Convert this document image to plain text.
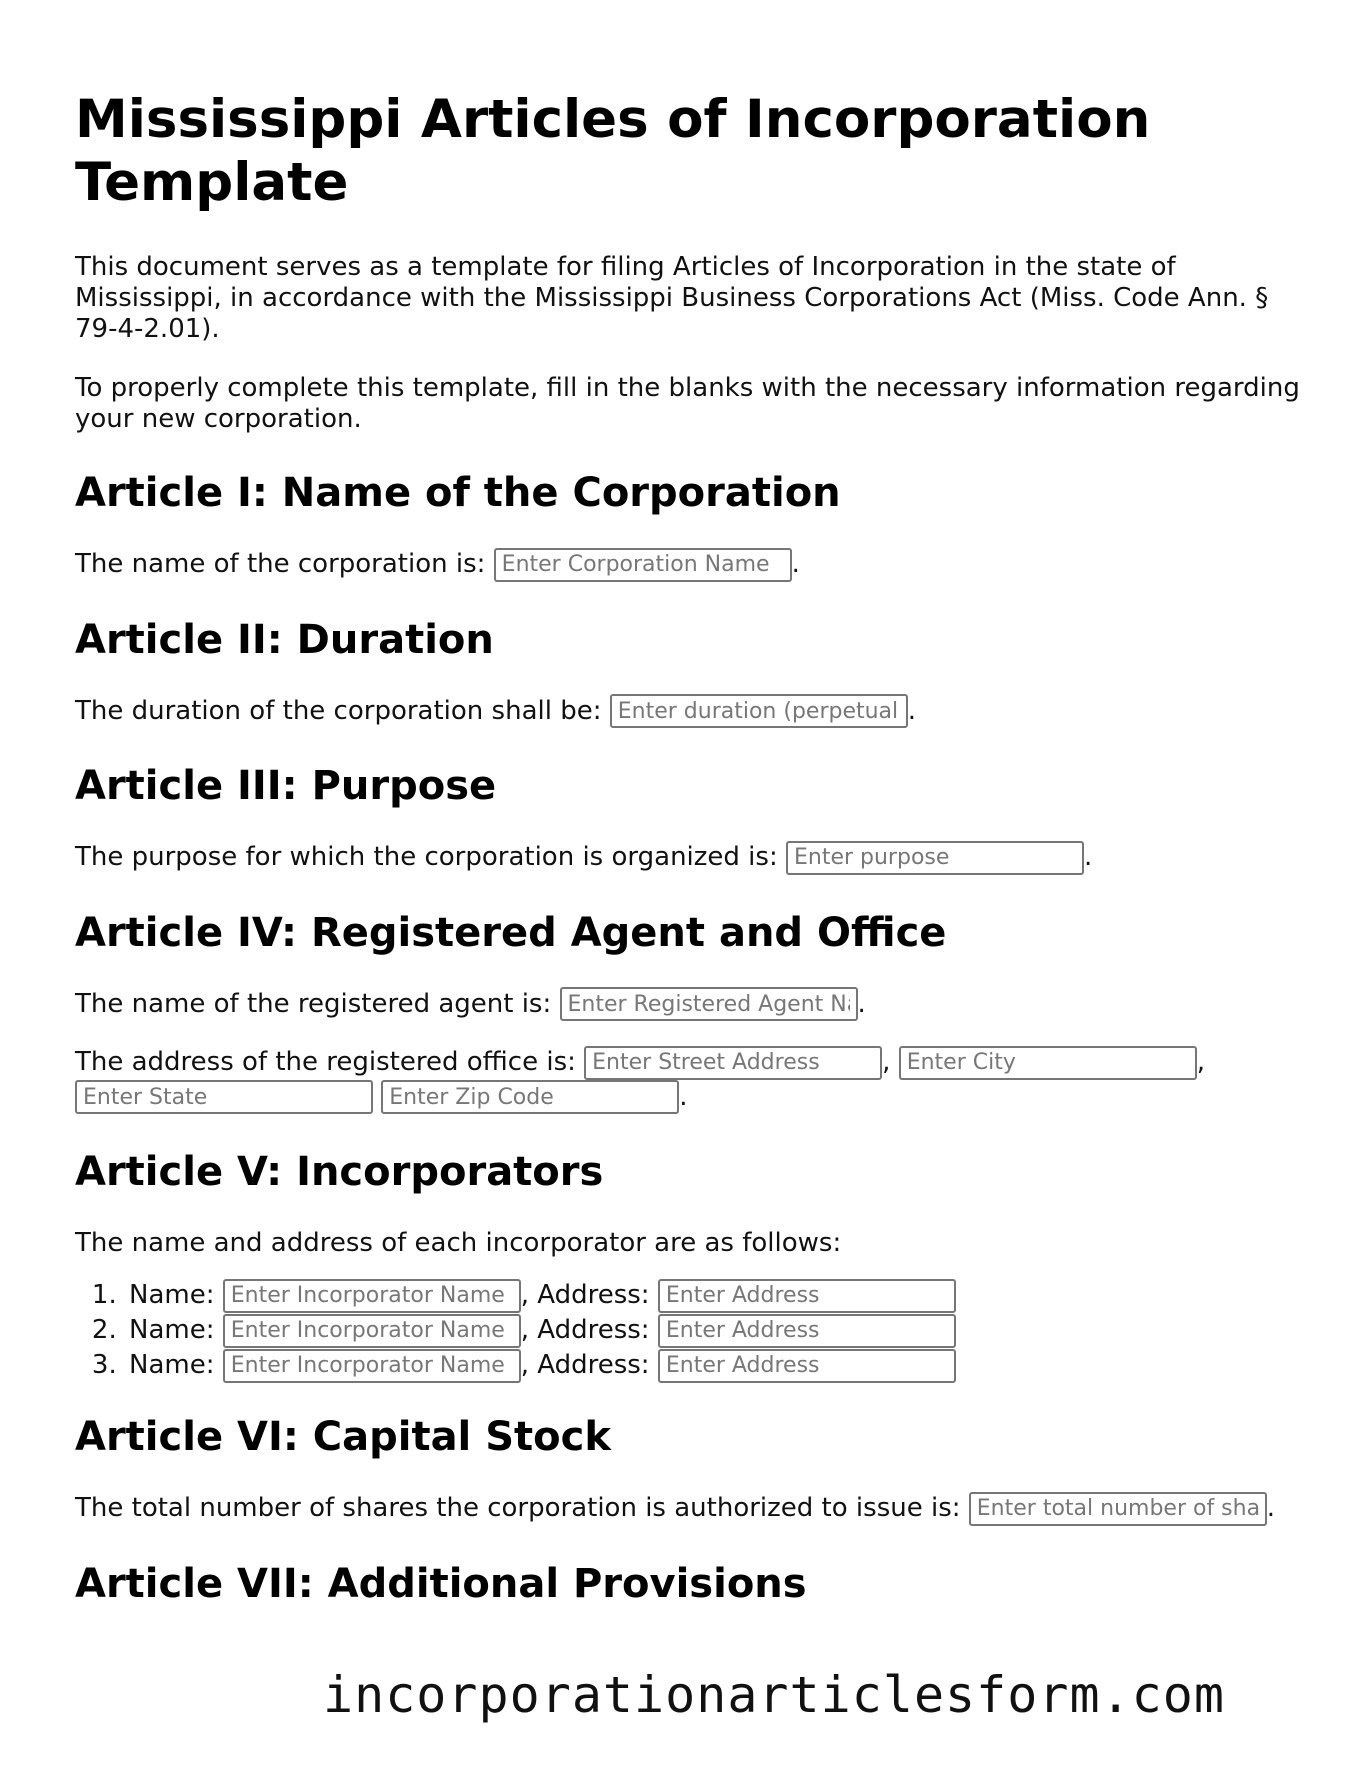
Mississippi Articles of Incorporation Template

This document serves as a template for filing Articles of Incorporation in the state of Mississippi, in accordance with the Mississippi Business Corporations Act (Miss. Code Ann. § 79-4-2.01).

To properly complete this template, fill in the blanks with the necessary information regarding your new corporation.

Article I: Name of the Corporation
The name of the corporation is: Enter Corporation Name	.
Article II: Duration
The duration of the corporation shall be: Enter duration (perpetual or specific date)	.
Article III: Purpose
The purpose for which the corporation is organized is: Enter purpose	.
Article IV: Registered Agent and Office
The name of the registered agent is: Enter Registered Agent Name	.
The address of the registered office is: Enter Street Address	, Enter City	, Enter State Enter Zip Code.
Article V: Incorporators
The name and address of each incorporator are as follows:
1. Name: Enter Incorporator Name	, Address: Enter Address
2. Name: Enter Incorporator Name	, Address: Enter Address
3. Name: Enter Incorporator Name	, Address: Enter Address
Article VI: Capital Stock
The total number of shares the corporation is authorized to issue is: Enter total number of shares	.
Article VII: Additional Provisions
incorporationarticlesform.com
